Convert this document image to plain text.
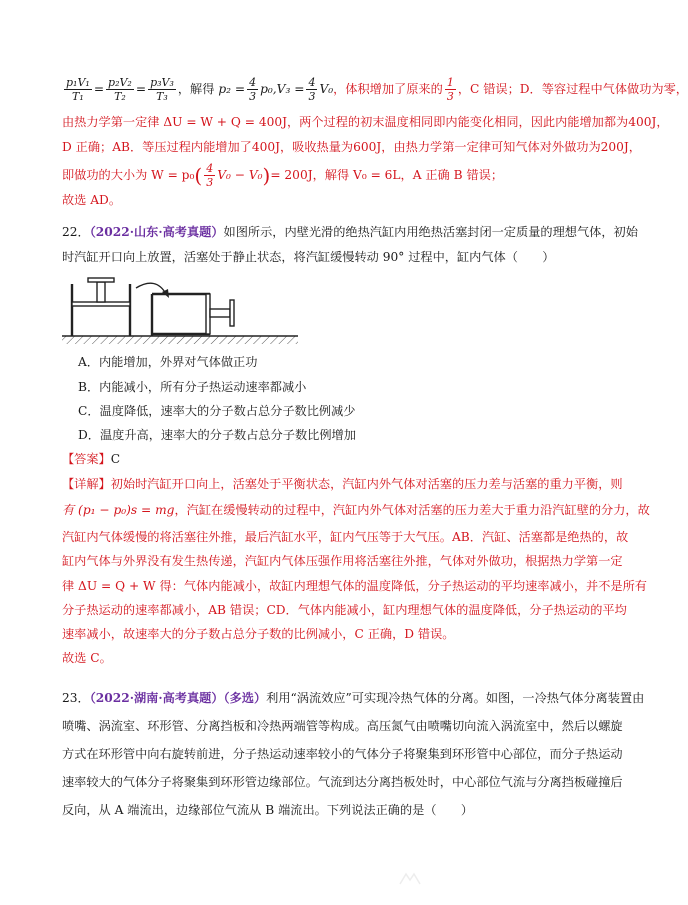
$\frac{\text{p₁V₁}}{\text{T₁}} = \frac{\text{p₂V₂}}{\text{T₂}} = \frac{\text{p₃V₃}}{\text{T₃}}$ ，解得 $p_2 = \frac{4}{3} p_0,V_3 = \frac{4}{3} V_0$，体积增加了原来的 $\frac{1}{3}$ ，C 错误；D．等容过程中气体做功为零，
由热力学第一定律 ΔU = W + Q = 400J，两个过程的初末温度相同即内能变化相同，因此内能增加都为400J，
D 正确；AB．等压过程内能增加了400J，吸收热量为600J，由热力学第一定律可知气体对外做功为200J，
即做功的大小为 $W = p_0( \frac{4}{3} V_0 - V_0)= 200J$，解得 V₀ = 6L，A 正确 B 错误；
故选 AD。
22．（2022·山东·高考真题）如图所示，内壁光滑的绝热汽缸内用绝热活塞封闭一定质量的理想气体，初始
时汽缸开口向上放置，活塞处于静止状态，将汽缸缓慢转动 90° 过程中，缸内气体（　　）
A．内能增加，外界对气体做正功
B．内能减小，所有分子热运动速率都减小
C．温度降低，速率大的分子数占总分子数比例减少
D．温度升高，速率大的分子数占总分子数比例增加
【答案】C
【详解】初始时汽缸开口向上，活塞处于平衡状态，汽缸内外气体对活塞的压力差与活塞的重力平衡，则
有 (p₁ − p₀)s = mg，汽缸在缓慢转动的过程中，汽缸内外气体对活塞的压力差大于重力沿汽缸壁的分力，故
汽缸内气体缓慢的将活塞往外推，最后汽缸水平，缸内气压等于大气压。AB．汽缸、活塞都是绝热的，故
缸内气体与外界没有发生热传递，汽缸内气体压强作用将活塞往外推，气体对外做功，根据热力学第一定
律 ΔU = Q + W 得：气体内能减小，故缸内理想气体的温度降低，分子热运动的平均速率减小，并不是所有
分子热运动的速率都减小，AB 错误；CD．气体内能减小，缸内理想气体的温度降低，分子热运动的平均
速率减小，故速率大的分子数占总分子数的比例减小，C 正确，D 错误。
故选 C。
23．（2022·湖南·高考真题）（多选）利用“涡流效应”可实现冷热气体的分离。如图，一冷热气体分离装置由
喷嘴、涡流室、环形管、分离挡板和冷热两端管等构成。高压氮气由喷嘴切向流入涡流室中，然后以螺旋
方式在环形管中向右旋转前进，分子热运动速率较小的气体分子将聚集到环形管中心部位，而分子热运动
速率较大的气体分子将聚集到环形管边缘部位。气流到达分离挡板处时，中心部位气流与分离挡板碰撞后
反向，从 A 端流出，边缘部位气流从 B 端流出。下列说法正确的是（　　）
